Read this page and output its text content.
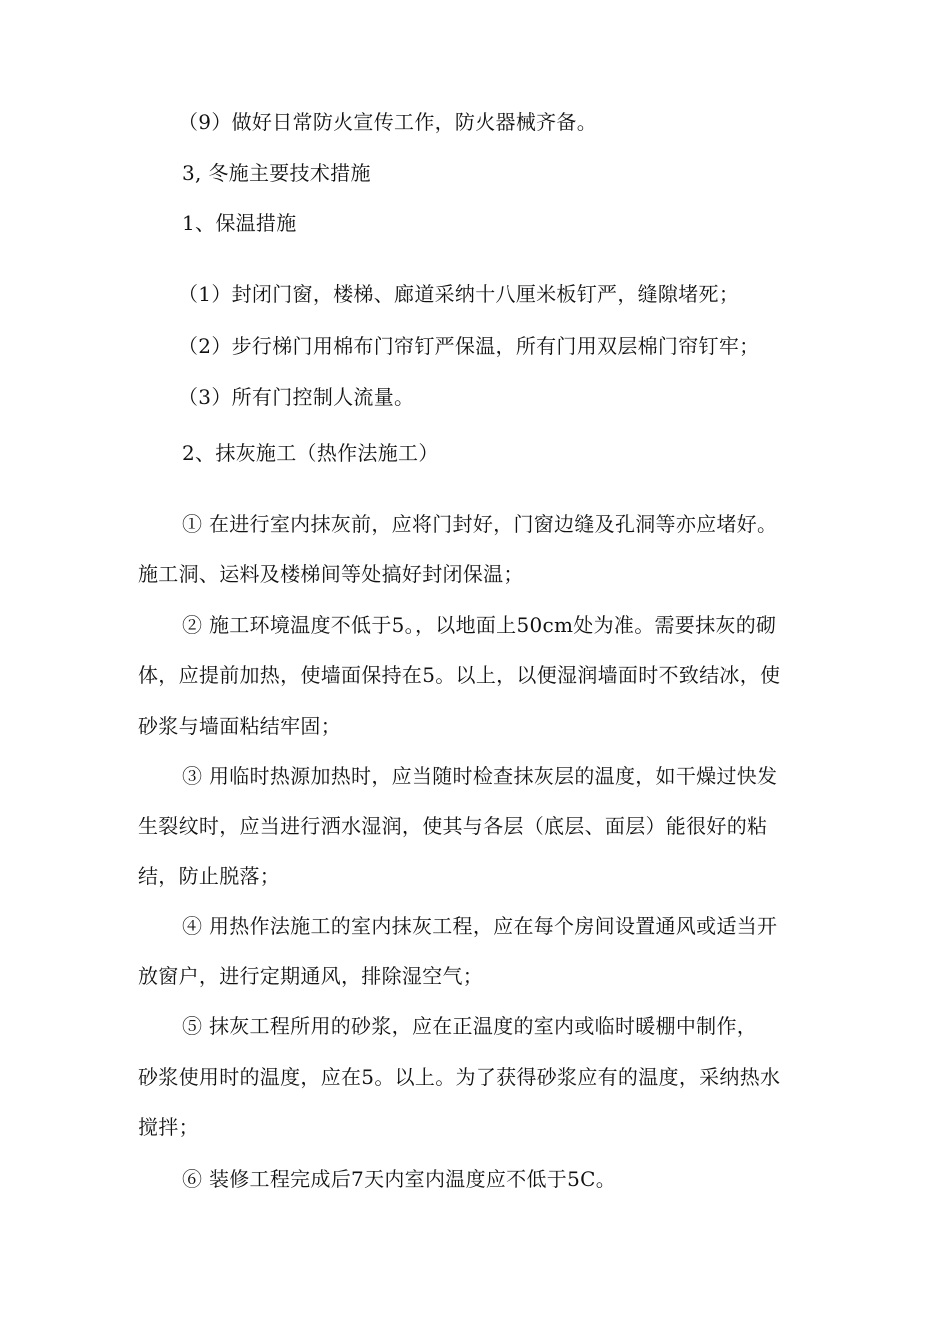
（9）做好日常防火宣传工作，防火器械齐备。
3, 冬施主要技术措施
1、保温措施
（1）封闭门窗，楼梯、廊道采纳十八厘米板钉严，缝隙堵死；
（2）步行梯门用棉布门帘钉严保温，所有门用双层棉门帘钉牢；
（3）所有门控制人流量。
2、抹灰施工（热作法施工）
① 在进行室内抹灰前，应将门封好，门窗边缝及孔洞等亦应堵好。
施工洞、运料及楼梯间等处搞好封闭保温；
② 施工环境温度不低于5。，以地面上50cm处为准。需要抹灰的砌
体，应提前加热，使墙面保持在5。以上，以便湿润墙面时不致结冰，使
砂浆与墙面粘结牢固；
③ 用临时热源加热时，应当随时检查抹灰层的温度，如干燥过快发
生裂纹时，应当进行洒水湿润，使其与各层（底层、面层）能很好的粘
结，防止脱落；
④ 用热作法施工的室内抹灰工程，应在每个房间设置通风或适当开
放窗户，进行定期通风，排除湿空气；
⑤ 抹灰工程所用的砂浆，应在正温度的室内或临时暖棚中制作，
砂浆使用时的温度，应在5。以上。为了获得砂浆应有的温度，采纳热水
搅拌；
⑥ 装修工程完成后7天内室内温度应不低于5C。
